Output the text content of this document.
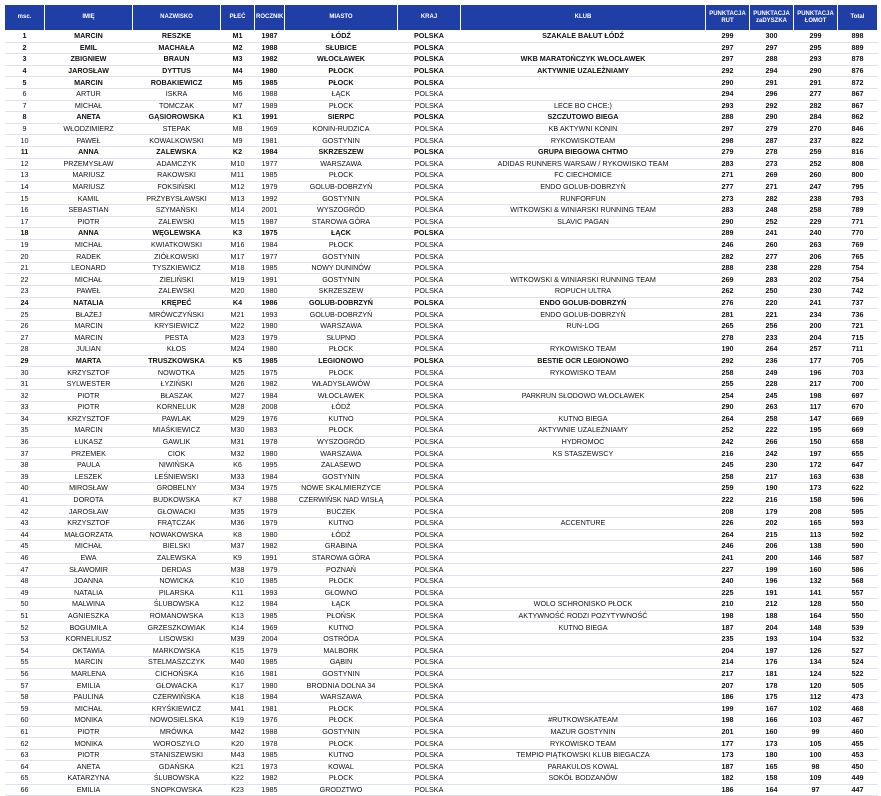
msc.	IMIĘ	NAZWISKO	PŁEĆ	ROCZNIK	MIASTO	KRAJ	KLUB	PUNKTACJA RUT	PUNKTACJA zaDYSZKA	PUNKTACJA ŁOMOT	Total
1	MARCIN	RESZKE	M1	1987	ŁÓDŹ	POLSKA	SZAKALE BAŁUT ŁÓDŹ	299	300	299	898
2	EMIL	MACHAŁA	M2	1988	SŁUBICE	POLSKA		297	297	295	889
3	ZBIGNIEW	BRAUN	M3	1982	WŁOCŁAWEK	POLSKA	WKB MARATOŃCZYK WŁOCŁAWEK	297	288	293	878
4	JAROSŁAW	DYTTUS	M4	1980	PŁOCK	POLSKA	AKTYWNIE UZALEŻNIAMY	292	294	290	876
5	MARCIN	ROBAKIEWICZ	M5	1985	PŁOCK	POLSKA		290	291	291	872
6	ARTUR	ISKRA	M6	1988	ŁĄCK	POLSKA		294	296	277	867
7	MICHAŁ	TOMCZAK	M7	1989	PŁOCK	POLSKA	LECE BO CHCE:)	293	292	282	867
8	ANETA	GĄSIOROWSKA	K1	1991	SIERPC	POLSKA	SZCZUTOWO BIEGA	288	290	284	862
9	WŁODZIMIERZ	STEPAK	M8	1969	KONIN-RUDZICA	POLSKA	KB AKTYWNI KONIN	297	279	270	846
10	PAWEŁ	KOWALKOWSKI	M9	1981	GOSTYNIN	POLSKA	RYKOWISKOTEAM	298	287	237	822
11	ANNA	ZALEWSKA	K2	1984	SKRZESZEW	POLSKA	GRUPA BIEGOWA CHTMO	279	278	259	816
12	PRZEMYSŁAW	ADAMCZYK	M10	1977	WARSZAWA	POLSKA	ADIDAS RUNNERS WARSAW / RYKOWISKO TEAM	283	273	252	808
13	MARIUSZ	RAKOWSKI	M11	1985	PŁOCK	POLSKA	FC CIECHOMICE	271	269	260	800
14	MARIUSZ	FOKSIŃSKI	M12	1979	GOLUB-DOBRZYŃ	POLSKA	ENDO GOLUB-DOBRZYŃ	277	271	247	795
15	KAMIL	PRZYBYSŁAWSKI	M13	1992	GOSTYNIN	POLSKA	RUNFORFUN	273	282	238	793
16	SEBASTIAN	SZYMAŃSKI	M14	2001	WYSZOGRÓD	POLSKA	WITKOWSKI & WINIARSKI RUNNING TEAM	283	248	258	789
17	PIOTR	ZALEWSKI	M15	1987	STAROWA GÓRA	POLSKA	SLAVIC PAGAN	290	252	229	771
18	ANNA	WĘGLEWSKA	K3	1975	ŁĄCK	POLSKA		289	241	240	770
19	MICHAŁ	KWIATKOWSKI	M16	1984	PŁOCK	POLSKA		246	260	263	769
20	RADEK	ZIÓŁKOWSKI	M17	1977	GOSTYNIN	POLSKA		282	277	206	765
21	LEONARD	TYSZKIEWICZ	M18	1985	NOWY DUNINÓW	POLSKA		288	238	228	754
22	MICHAŁ	ZIELIŃSKI	M19	1991	GOSTYNIN	POLSKA	WITKOWSKI & WINIARSKI RUNNING TEAM	269	283	202	754
23	PAWEŁ	ZALEWSKI	M20	1980	SKRZESZEW	POLSKA	ROPUCH ULTRA	262	250	230	742
24	NATALIA	KRĘPEĆ	K4	1986	GOLUB-DOBRZYŃ	POLSKA	ENDO GOLUB-DOBRZYŃ	276	220	241	737
25	BŁAŻEJ	MRÓWCZYŃSKI	M21	1993	GOLUB-DOBRZYŃ	POLSKA	ENDO GOLUB-DOBRZYŃ	281	221	234	736
26	MARCIN	KRYSIEWICZ	M22	1980	WARSZAWA	POLSKA	RUN-LOG	265	256	200	721
27	MARCIN	PESTA	M23	1979	SŁUPNO	POLSKA		278	233	204	715
28	JULIAN	KŁOS	M24	1980	PŁOCK	POLSKA	RYKOWISKO TEAM	190	264	257	711
29	MARTA	TRUSZKOWSKA	K5	1985	LEGIONOWO	POLSKA	BESTIE OCR LEGIONOWO	292	236	177	705
30	KRZYSZTOF	NOWOTKA	M25	1975	PŁOCK	POLSKA	RYKOWISKO TEAM	258	249	196	703
31	SYLWESTER	ŁYZIŃSKI	M26	1982	WŁADYSŁAWÓW	POLSKA		255	228	217	700
32	PIOTR	BŁASZAK	M27	1984	WŁOCŁAWEK	POLSKA	PARKRUN SŁODOWO WŁOCŁAWEK	254	245	198	697
33	PIOTR	KORNELUK	M28	2008	ŁÓDŹ	POLSKA		290	263	117	670
34	KRZYSZTOF	PAWLAK	M29	1976	KUTNO	POLSKA	KUTNO BIEGA	264	258	147	669
35	MARCIN	MIAŚKIEWICZ	M30	1983	PŁOCK	POLSKA	AKTYWNIE UZALEŻNIAMY	252	222	195	669
36	ŁUKASZ	GAWLIK	M31	1978	WYSZOGRÓD	POLSKA	HYDROMOC	242	266	150	658
37	PRZEMEK	CIOK	M32	1980	WARSZAWA	POLSKA	KS STASZEWSCY	216	242	197	655
38	PAULA	NIWIŃSKA	K6	1995	ZALASEWO	POLSKA		245	230	172	647
39	LESZEK	LEŚNIEWSKI	M33	1984	GOSTYNIN	POLSKA		258	217	163	638
40	MIROSŁAW	GROBELNY	M34	1975	NOWE SKALMIERZYCE	POLSKA		259	190	173	622
41	DOROTA	BUDKOWSKA	K7	1988	CZERWIŃSK NAD WISŁĄ	POLSKA		222	216	158	596
42	JAROSŁAW	GŁOWACKI	M35	1979	BUCZEK	POLSKA		208	179	208	595
43	KRZYSZTOF	FRĄTCZAK	M36	1979	KUTNO	POLSKA	ACCENTURE	226	202	165	593
44	MAŁGORZATA	NOWAKOWSKA	K8	1980	ŁÓDŹ	POLSKA		264	215	113	592
45	MICHAŁ	BIELSKI	M37	1982	GRABINA	POLSKA		246	206	138	590
46	EWA	ZALEWSKA	K9	1991	STAROWA GÓRA	POLSKA		241	200	146	587
47	SŁAWOMIR	DERDAS	M38	1979	POZNAŃ	POLSKA		227	199	160	586
48	JOANNA	NOWICKA	K10	1985	PŁOCK	POLSKA		240	196	132	568
49	NATALIA	PILARSKA	K11	1993	GŁOWNO	POLSKA		225	191	141	557
50	MALWINA	ŚLUBOWSKA	K12	1984	ŁĄCK	POLSKA	WOLO SCHRONISKO PŁOCK	210	212	128	550
51	AGNIESZKA	ROMANOWSKA	K13	1985	PŁOŃSK	POLSKA	AKTYWNOŚĆ RODZI POZYTYWNOŚĆ	198	188	164	550
52	BOGUMIŁA	GRZESZKOWIAK	K14	1969	KUTNO	POLSKA	KUTNO BIEGA	187	204	148	539
53	KORNELIUSZ	LISOWSKI	M39	2004	OSTRÓDA	POLSKA		235	193	104	532
54	OKTAWIA	MARKOWSKA	K15	1979	MALBORK	POLSKA		204	197	126	527
55	MARCIN	STELMASZCZYK	M40	1985	GĄBIN	POLSKA		214	176	134	524
56	MARLENA	CICHOŃSKA	K16	1981	GOSTYNIN	POLSKA		217	181	124	522
57	EMILIA	GŁOWACKA	K17	1980	BRODNIA DOLNA 34	POLSKA		207	178	120	505
58	PAULINA	CZERWIŃSKA	K18	1984	WARSZAWA	POLSKA		186	175	112	473
59	MICHAŁ	KRYŚKIEWICZ	M41	1981	PŁOCK	POLSKA		199	167	102	468
60	MONIKA	NOWOSIELSKA	K19	1976	PŁOCK	POLSKA	#RUTKOWSKATEAM	198	166	103	467
61	PIOTR	MRÓWKA	M42	1988	GOSTYNIN	POLSKA	MAZUR GOSTYNIN	201	160	99	460
62	MONIKA	WOROSZYŁO	K20	1978	PŁOCK	POLSKA	RYKOWISKO TEAM	177	173	105	455
63	PIOTR	STANISZEWSKI	M43	1985	KUTNO	POLSKA	TEMPIO PIĄTKOWSKI KLUB BIEGACZA	173	180	100	453
64	ANETA	GDAŃSKA	K21	1973	KOWAL	POLSKA	PARAKULOS KOWAL	187	165	98	450
65	KATARZYNA	ŚLUBOWSKA	K22	1982	PŁOCK	POLSKA	SOKÓŁ BODZANÓW	182	158	109	449
66	EMILIA	SNOPKOWSKA	K23	1985	GRODZTWO	POLSKA		186	164	97	447
